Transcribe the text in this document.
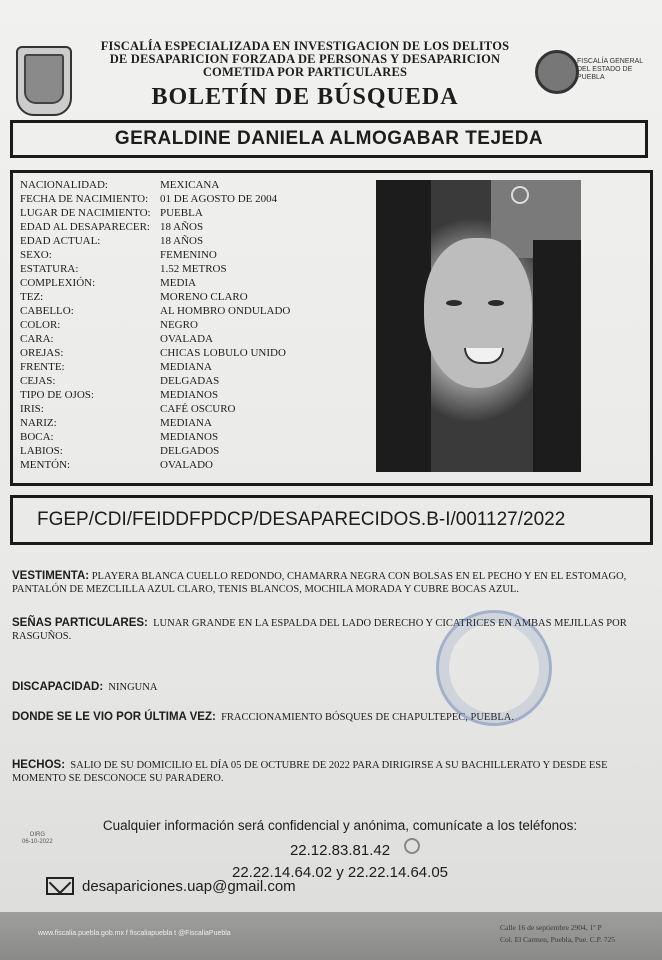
FISCALÍA ESPECIALIZADA EN INVESTIGACION DE LOS DELITOS
DE DESAPARICION FORZADA DE PERSONAS Y DESAPARICION
COMETIDA POR PARTICULARES
BOLETÍN DE BÚSQUEDA
FISCALÍA GENERAL
DEL ESTADO DE
PUEBLA
GERALDINE DANIELA ALMOGABAR TEJEDA
NACIONALIDAD:	MEXICANA
FECHA DE NACIMIENTO:	01 DE AGOSTO DE 2004
LUGAR DE NACIMIENTO: PUEBLA
EDAD AL DESAPARECER: 18 AÑOS
EDAD ACTUAL:	18 AÑOS
SEXO:	FEMENINO
ESTATURA:	1.52 METROS
COMPLEXIÓN:	MEDIA
TEZ:	MORENO CLARO
CABELLO:	AL HOMBRO ONDULADO
COLOR:	NEGRO
CARA:	OVALADA
OREJAS:	CHICAS LOBULO UNIDO
FRENTE:	MEDIANA
CEJAS:	DELGADAS
TIPO DE OJOS:	MEDIANOS
IRIS:	CAFÉ OSCURO
NARIZ:	MEDIANA
BOCA:	MEDIANOS
LABIOS:	DELGADOS
MENTÓN:	OVALADO
FGEP/CDI/FEIDDFPDCP/DESAPARECIDOS.B-I/001127/2022
VESTIMENTA: PLAYERA BLANCA CUELLO REDONDO, CHAMARRA NEGRA CON BOLSAS EN EL PECHO Y EN EL ESTOMAGO, PANTALÓN DE MEZCLILLA AZUL CLARO, TENIS BLANCOS, MOCHILA MORADA Y CUBRE BOCAS AZUL.
SEÑAS PARTICULARES: LUNAR GRANDE EN LA ESPALDA DEL LADO DERECHO Y CICATRICES EN AMBAS MEJILLAS POR RASGUÑOS.
DISCAPACIDAD: NINGUNA
DONDE SE LE VIO POR ÚLTIMA VEZ: FRACCIONAMIENTO BÓSQUES DE CHAPULTEPEC, PUEBLA.
HECHOS: SALIO DE SU DOMICILIO EL DÍA 05 DE OCTUBRE DE 2022 PARA DIRIGIRSE A SU BACHILLERATO Y DESDE ESE MOMENTO SE DESCONOCE SU PARADERO.
OIRG
06-10-2022
Cualquier información será confidencial y anónima, comunícate a los teléfonos:
22.12.83.81.42
22.22.14.64.02 y 22.22.14.64.05
desapariciones.uap@gmail.com
www.fiscalia.puebla.gob.mx f fiscaliapuebla t @FiscaliaPuebla
Calle 16 de septiembre 2904, 1º P
Col. El Carmen, Puebla, Pue. C.P. 725
